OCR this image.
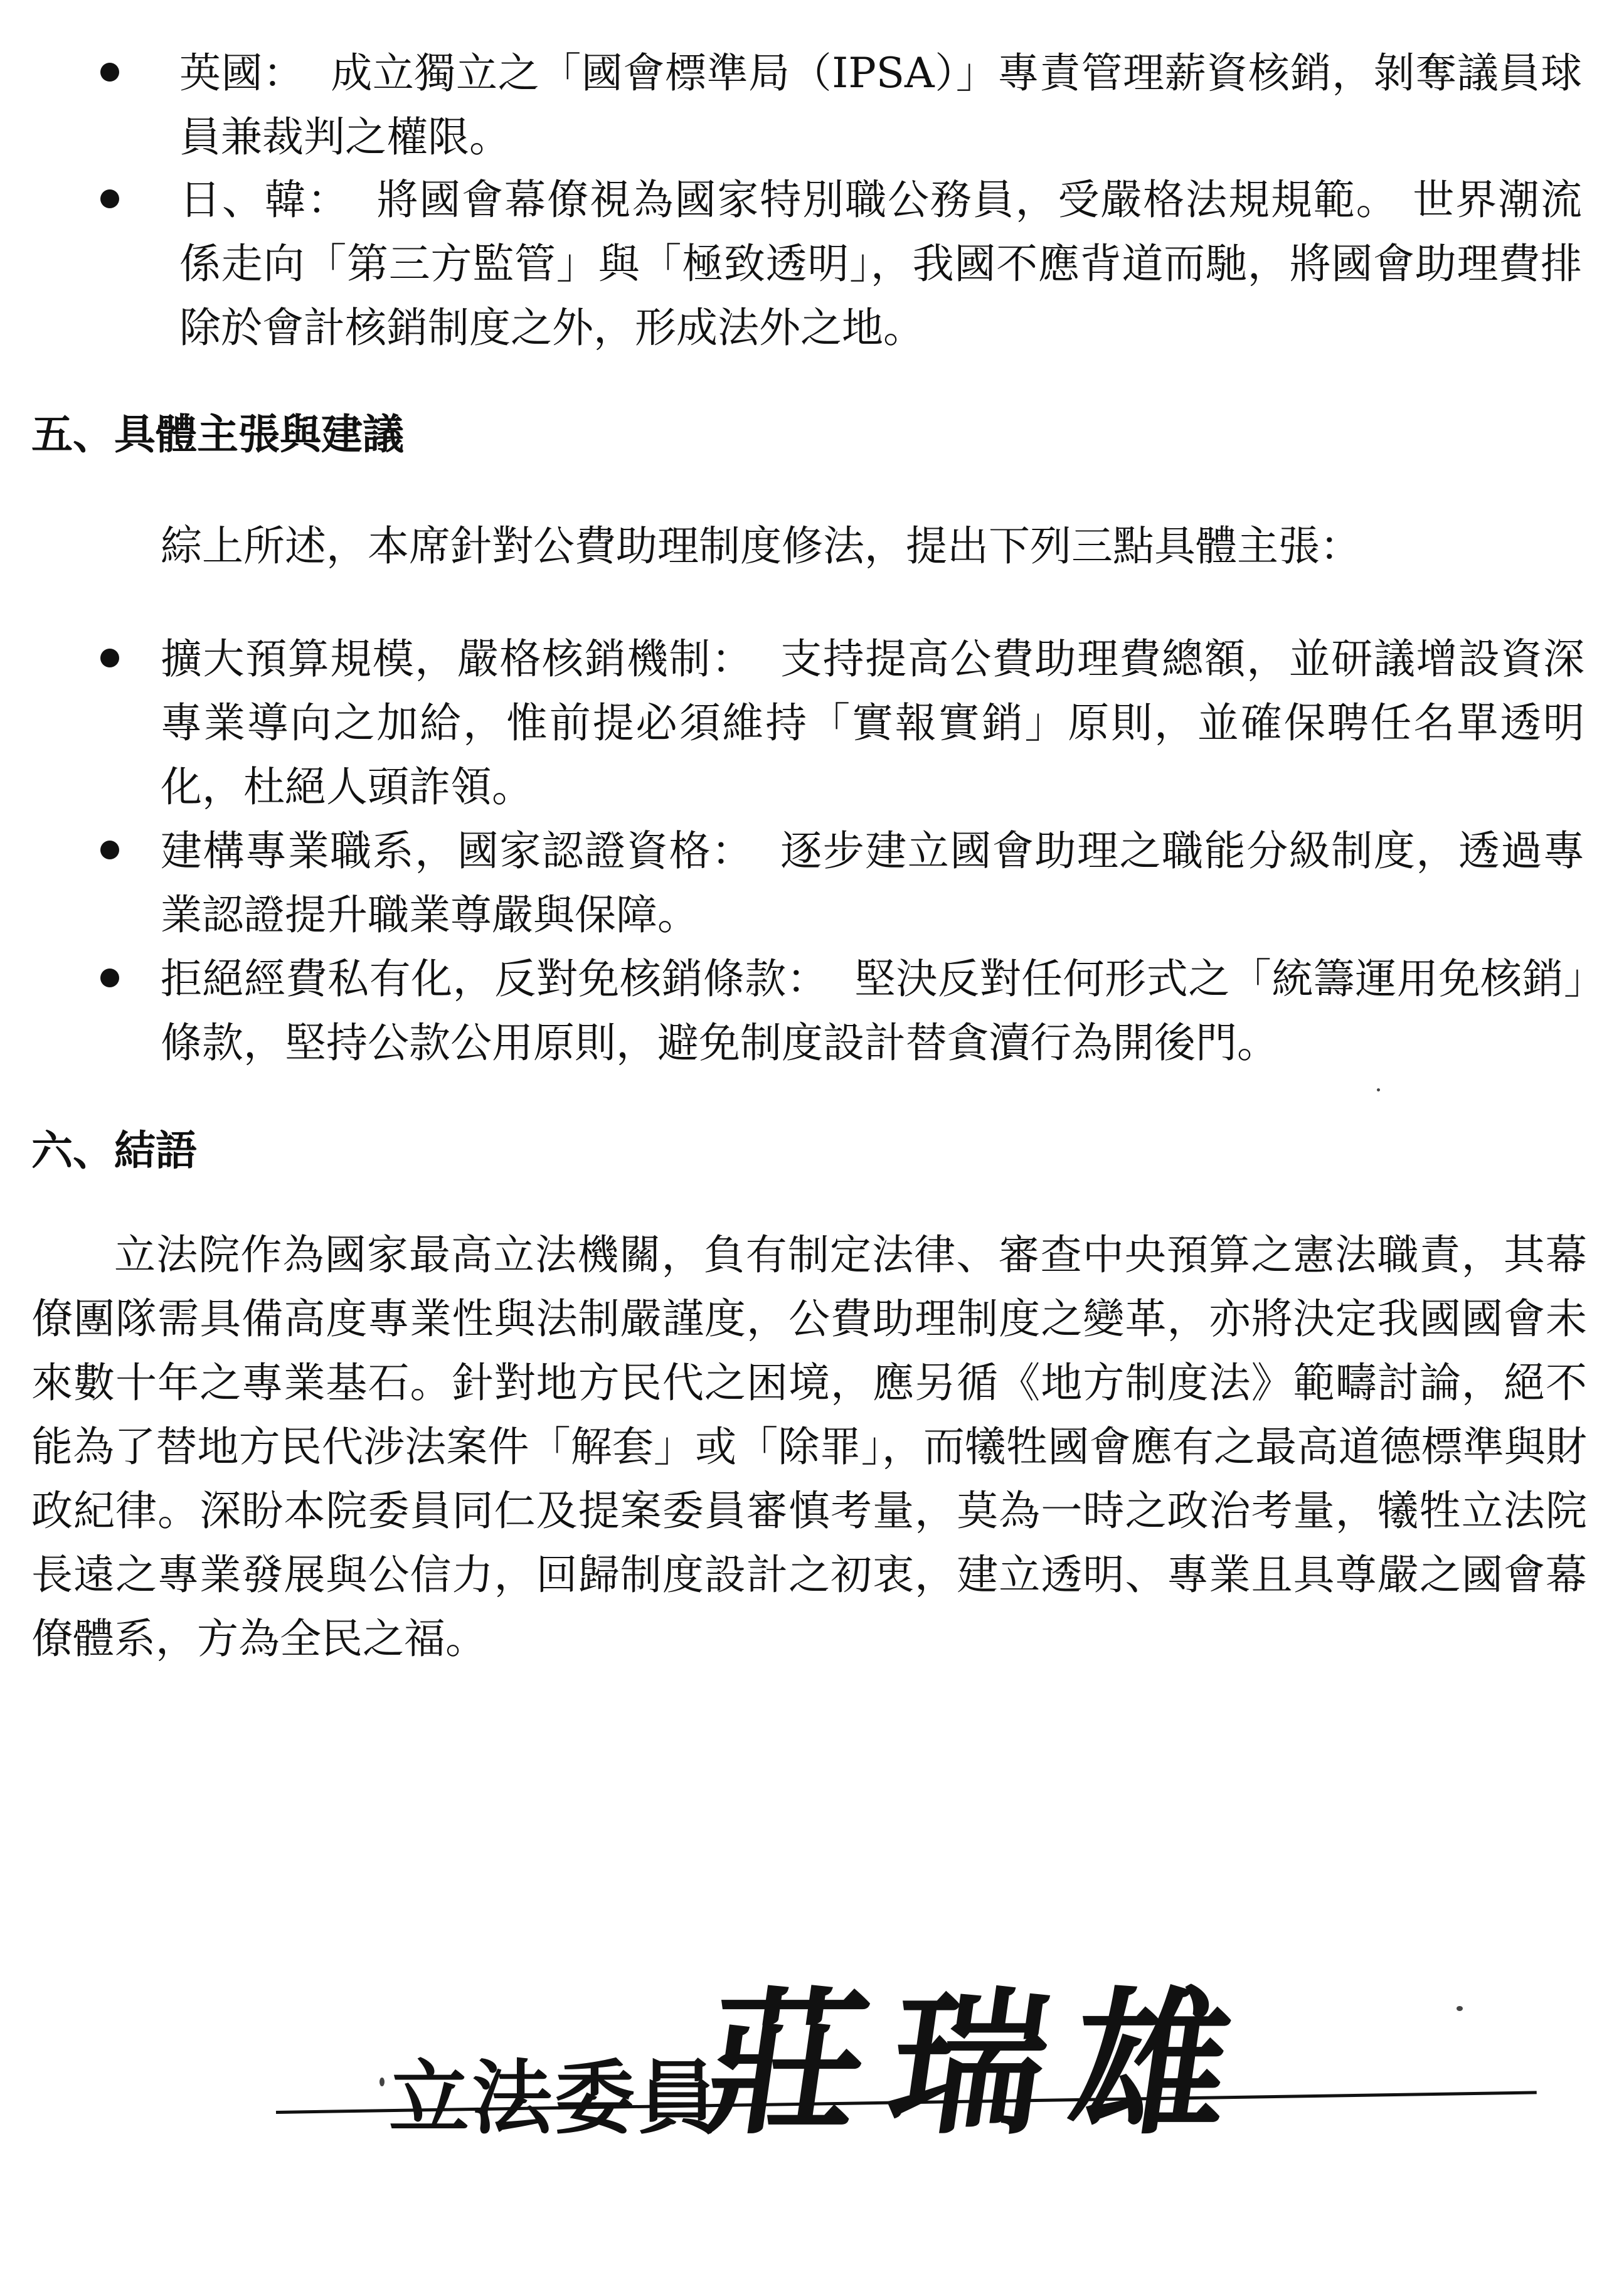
英國： 成立獨立之「國會標準局（IPSA）」專責管理薪資核銷，剝奪議員球員兼裁判之權限。

日、韓： 將國會幕僚視為國家特別職公務員，受嚴格法規規範。 世界潮流係走向「第三方監管」與「極致透明」，我國不應背道而馳，將國會助理費排除於會計核銷制度之外，形成法外之地。

五、具體主張與建議

綜上所述，本席針對公費助理制度修法，提出下列三點具體主張：

擴大預算規模，嚴格核銷機制： 支持提高公費助理費總額，並研議增設資深專業導向之加給，惟前提必須維持「實報實銷」原則，並確保聘任名單透明化，杜絕人頭詐領。

建構專業職系，國家認證資格： 逐步建立國會助理之職能分級制度，透過專業認證提升職業尊嚴與保障。

拒絕經費私有化，反對免核銷條款： 堅決反對任何形式之「統籌運用免核銷」條款，堅持公款公用原則，避免制度設計替貪瀆行為開後門。

六、結語

立法院作為國家最高立法機關，負有制定法律、審查中央預算之憲法職責，其幕僚團隊需具備高度專業性與法制嚴謹度，公費助理制度之變革，亦將決定我國國會未來數十年之專業基石。針對地方民代之困境，應另循《地方制度法》範疇討論，絕不能為了替地方民代涉法案件「解套」或「除罪」，而犧牲國會應有之最高道德標準與財政紀律。深盼本院委員同仁及提案委員審慎考量，莫為一時之政治考量，犧牲立法院長遠之專業發展與公信力，回歸制度設計之初衷，建立透明、專業且具尊嚴之國會幕僚體系，方為全民之福。

立法委員
莊瑞雄
